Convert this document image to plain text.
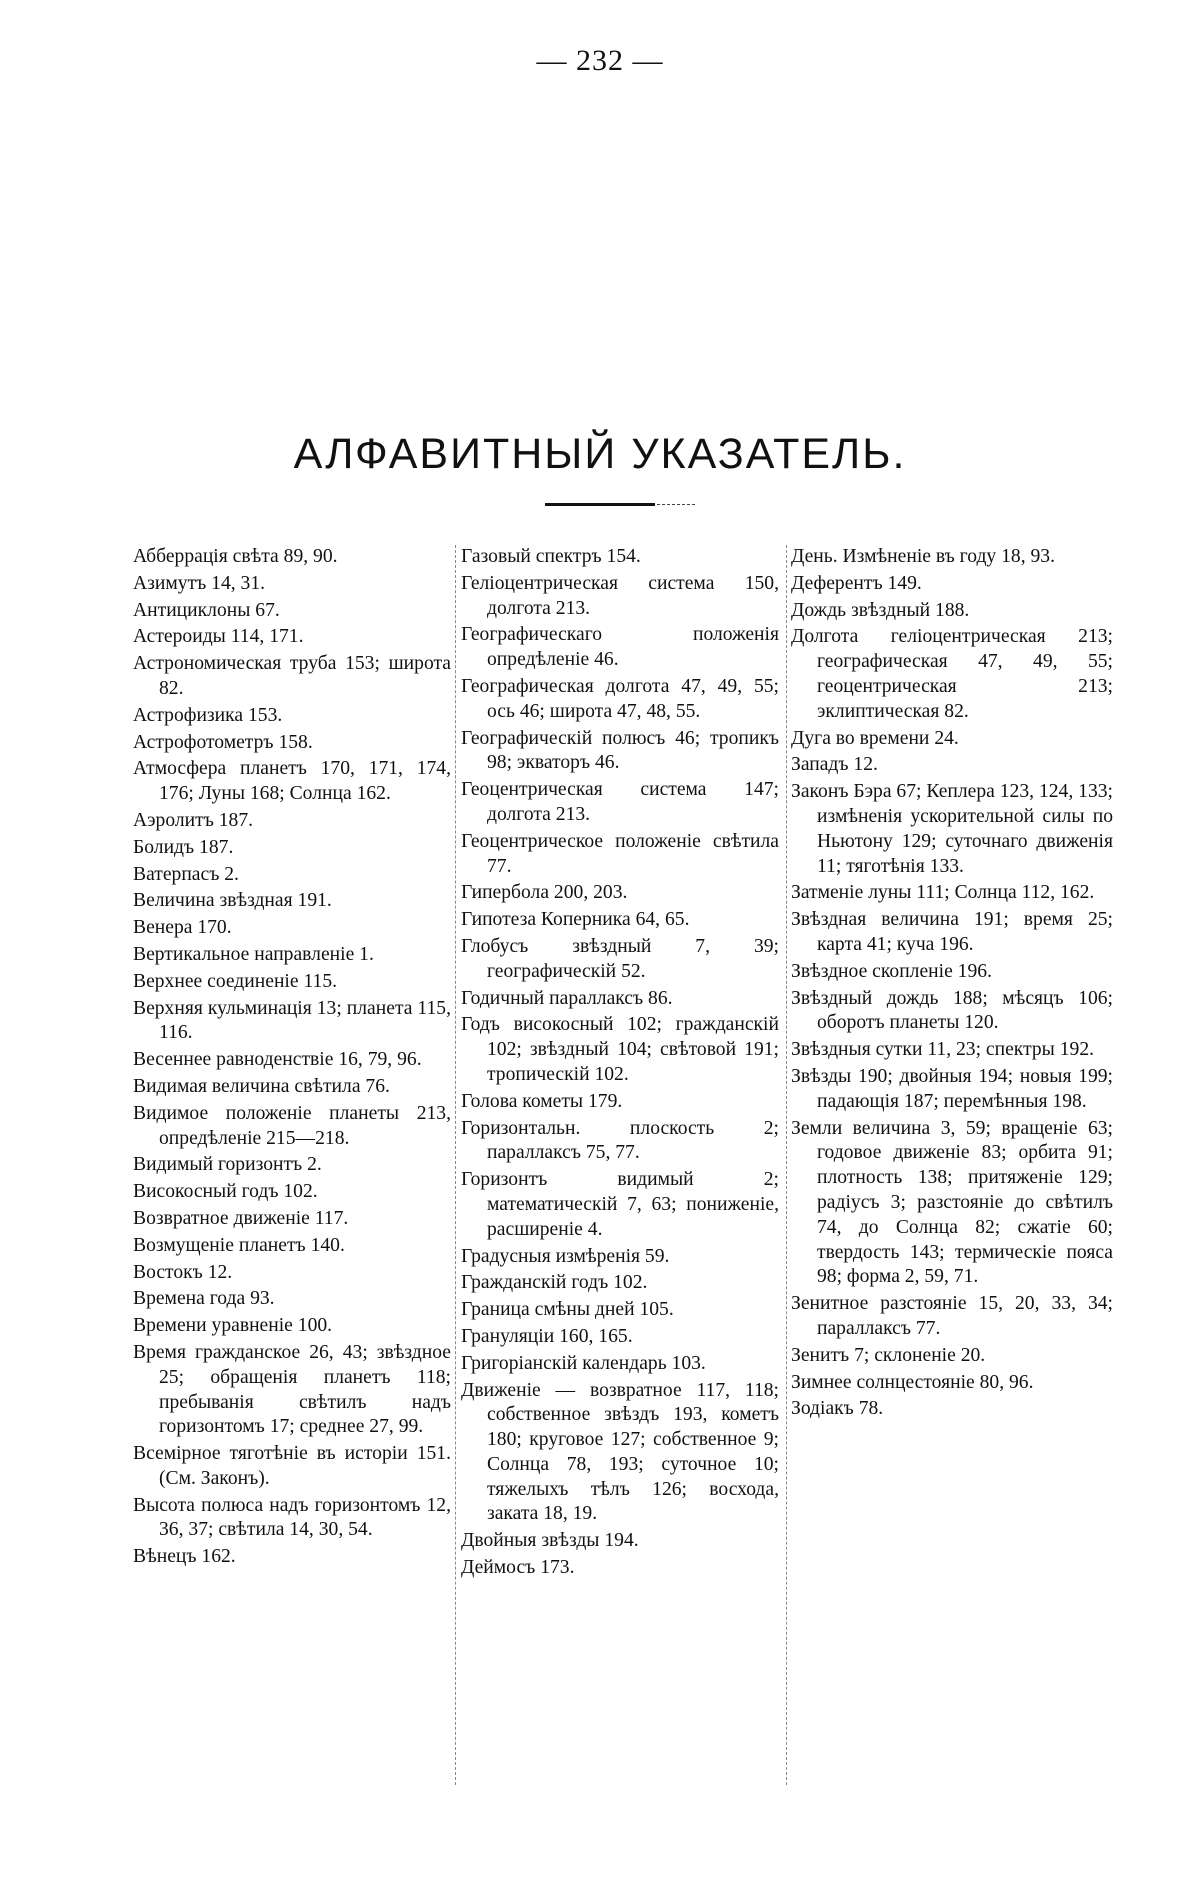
— 232 —
АЛФАВИТНЫЙ УКАЗАТЕЛЬ.

Абберрація свѣта 89, 90.

Азимутъ 14, 31.

Антициклоны 67.

Астероиды 114, 171.

Астрономическая труба 153; широта 82.

Астрофизика 153.

Астрофотометръ 158.

Атмосфера планетъ 170, 171, 174, 176; Луны 168; Солнца 162.

Аэролитъ 187.

Болидъ 187.

Ватерпасъ 2.

Величина звѣздная 191.

Венера 170.

Вертикальное направленіе 1.

Верхнее соединеніе 115.

Верхняя кульминація 13; планета 115, 116.

Весеннее равноденствіе 16, 79, 96.

Видимая величина свѣтила 76.

Видимое положеніе планеты 213, опредѣленіе 215—218.

Видимый горизонтъ 2.

Високосный годъ 102.

Возвратное движеніе 117.

Возмущеніе планетъ 140.

Востокъ 12.

Времена года 93.

Времени уравненіе 100.

Время гражданское 26, 43; звѣздное 25; обращенія планетъ 118; пребыванія свѣтилъ надъ горизонтомъ 17; среднее 27, 99.

Всемірное тяготѣніе въ исторіи 151. (См. Законъ).

Высота полюса надъ горизонтомъ 12, 36, 37; свѣтила 14, 30, 54.

Вѣнецъ 162.

Газовый спектръ 154.

Геліоцентрическая система 150, долгота 213.

Географическаго положенія опредѣленіе 46.

Географическая долгота 47, 49, 55; ось 46; широта 47, 48, 55.

Географическій полюсъ 46; тропикъ 98; экваторъ 46.

Геоцентрическая система 147; долгота 213.

Геоцентрическое положеніе свѣтила 77.

Гипербола 200, 203.

Гипотеза Коперника 64, 65.

Глобусъ звѣздный 7, 39; географическій 52.

Годичный параллаксъ 86.

Годъ високосный 102; гражданскій 102; звѣздный 104; свѣтовой 191; тропическій 102.

Голова кометы 179.

Горизонтальн. плоскость 2; параллаксъ 75, 77.

Горизонтъ видимый 2; математическій 7, 63; пониженіе, расширеніе 4.

Градусныя измѣренія 59.

Гражданскій годъ 102.

Граница смѣны дней 105.

Грануляціи 160, 165.

Григоріанскій календарь 103.

Движеніе — возвратное 117, 118; собственное звѣздъ 193, кометъ 180; круговое 127; собственное 9; Солнца 78, 193; суточное 10; тяжелыхъ тѣлъ 126; восхода, заката 18, 19.

Двойныя звѣзды 194.

Деймосъ 173.

День. Измѣненіе въ году 18, 93.

Деферентъ 149.

Дождь звѣздный 188.

Долгота геліоцентрическая 213; географическая 47, 49, 55; геоцентрическая 213; эклиптическая 82.

Дуга во времени 24.

Западъ 12.

Законъ Бэра 67; Кеплера 123, 124, 133; измѣненія ускорительной силы по Ньютону 129; суточнаго движенія 11; тяготѣнія 133.

Затменіе луны 111; Солнца 112, 162.

Звѣздная величина 191; время 25; карта 41; куча 196.

Звѣздное скопленіе 196.

Звѣздный дождь 188; мѣсяцъ 106; оборотъ планеты 120.

Звѣздныя сутки 11, 23; спектры 192.

Звѣзды 190; двойныя 194; новыя 199; падающія 187; перемѣнныя 198.

Земли величина 3, 59; вращеніе 63; годовое движеніе 83; орбита 91; плотность 138; притяженіе 129; радіусъ 3; разстояніе до свѣтилъ 74, до Солнца 82; сжатіе 60; твердость 143; термическіе пояса 98; форма 2, 59, 71.

Зенитное разстояніе 15, 20, 33, 34; параллаксъ 77.

Зенитъ 7; склоненіе 20.

Зимнее солнцестояніе 80, 96.

Зодіакъ 78.
